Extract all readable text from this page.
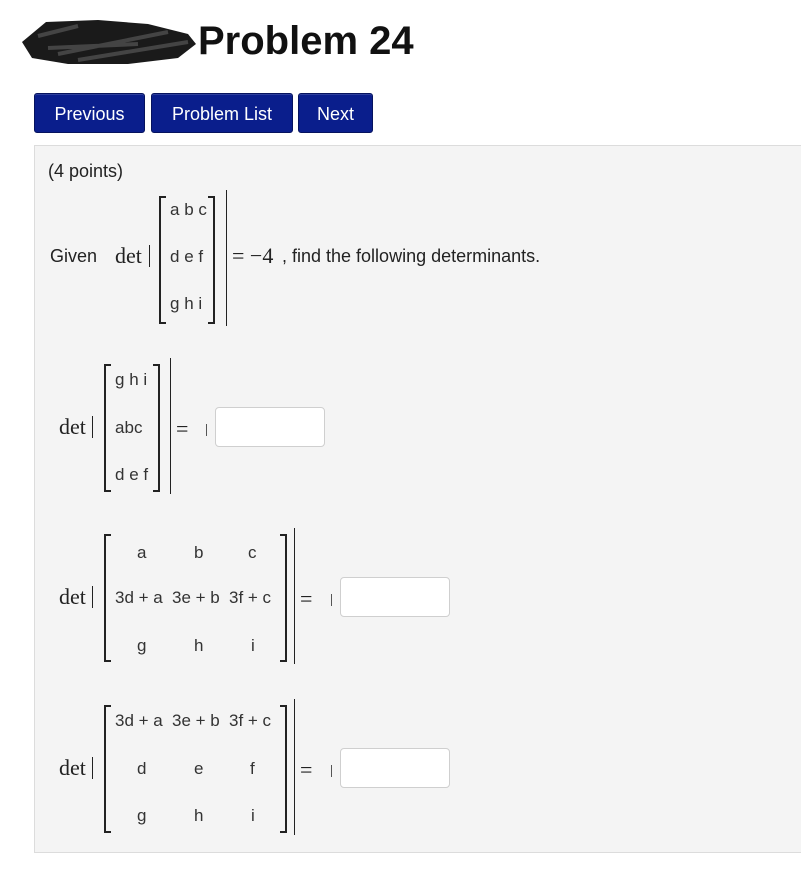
Problem 24
Previous	Problem List	Next
(4 points)
Given det
a b c
d e f
g h i
= −4 , find the following determinants.
det
g h i
abc
d e f
=
det
a	b	c
3d + a 3e + b 3f + c
g	h	i
=
det
3d + a 3e + b 3f + c
d	e	f
g	h	i
=
